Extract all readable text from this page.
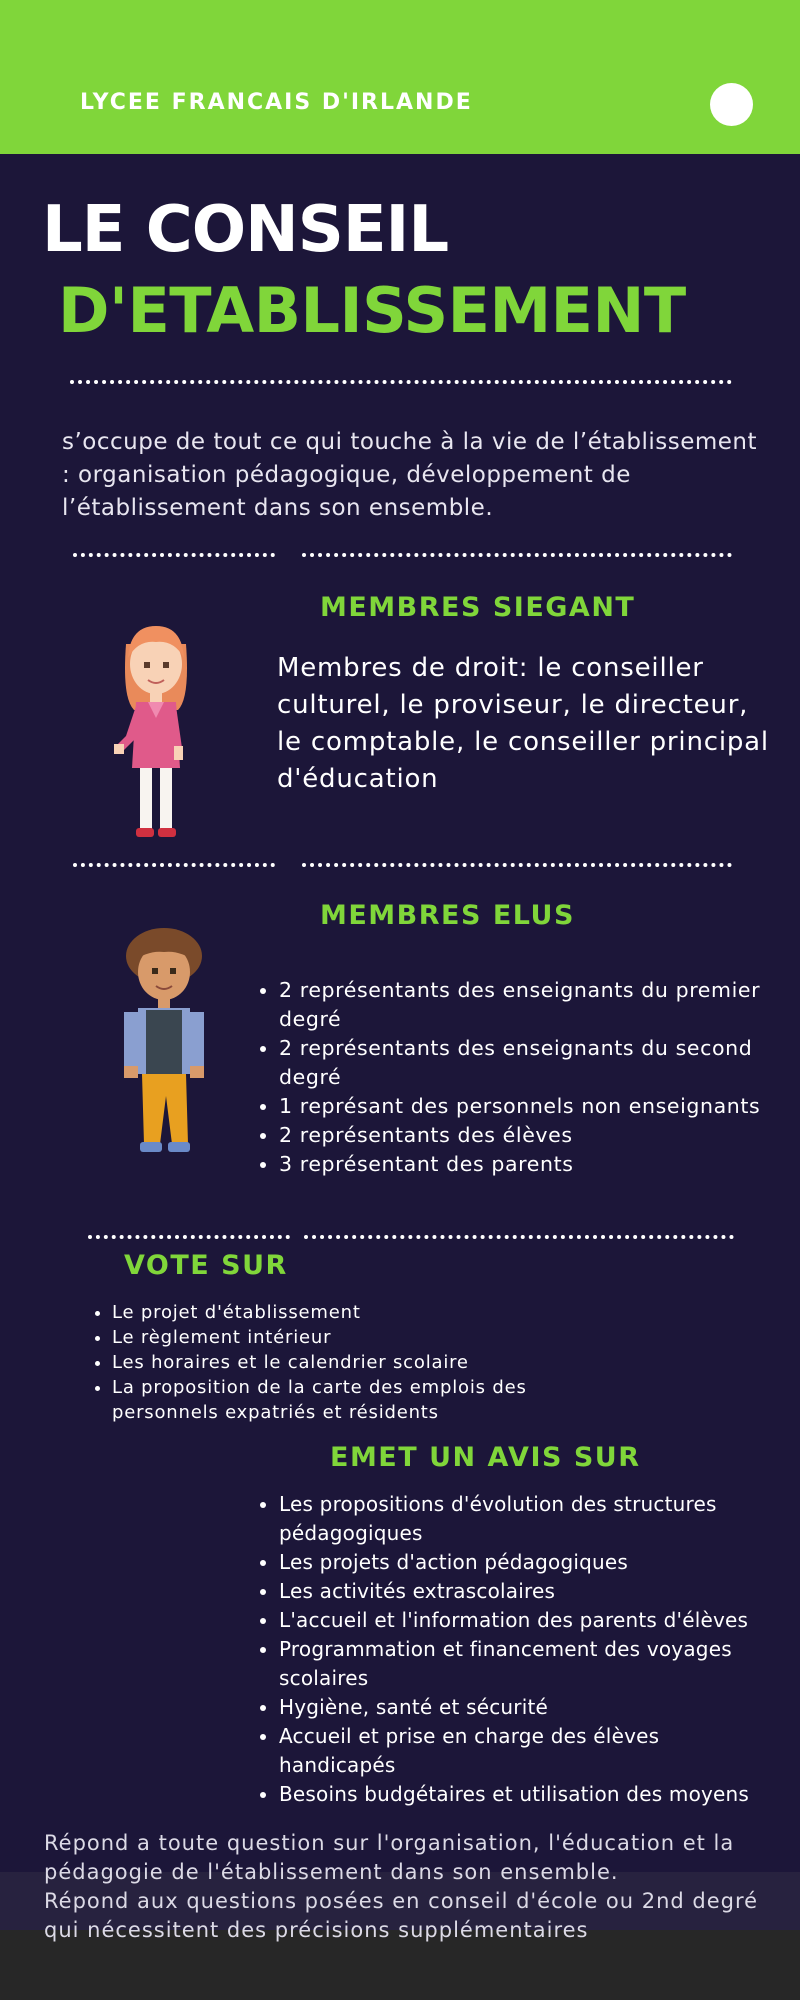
LYCEE FRANCAIS D'IRLANDE
LE CONSEIL
D'ETABLISSEMENT
s’occupe de tout ce qui touche à la vie de l’établissement : organisation pédagogique, développement de l’établissement dans son ensemble.
MEMBRES SIEGANT
Membres de droit: le conseiller culturel, le proviseur, le directeur, le comptable, le conseiller principal d'éducation
MEMBRES ELUS
• 2 représentants des enseignants du premier degré
• 2 représentants des enseignants du second degré
• 1 représant des personnels non enseignants
• 2 représentants des élèves
• 3 représentant des parents
VOTE SUR
• Le projet d'établissement
• Le règlement intérieur
• Les horaires et le calendrier scolaire
• La proposition de la carte des emplois des personnels expatriés et résidents
EMET UN AVIS SUR
• Les propositions d'évolution des structures pédagogiques
• Les projets d'action pédagogiques
• Les activités extrascolaires
• L'accueil et l'information des parents d'élèves
• Programmation et financement des voyages scolaires
• Hygiène, santé et sécurité
• Accueil et prise en charge des élèves handicapés
• Besoins budgétaires et utilisation des moyens
Répond a toute question sur l'organisation, l'éducation et la pédagogie de l'établissement dans son ensemble.
Répond aux questions posées en conseil d'école ou 2nd degré qui nécessitent des précisions supplémentaires
